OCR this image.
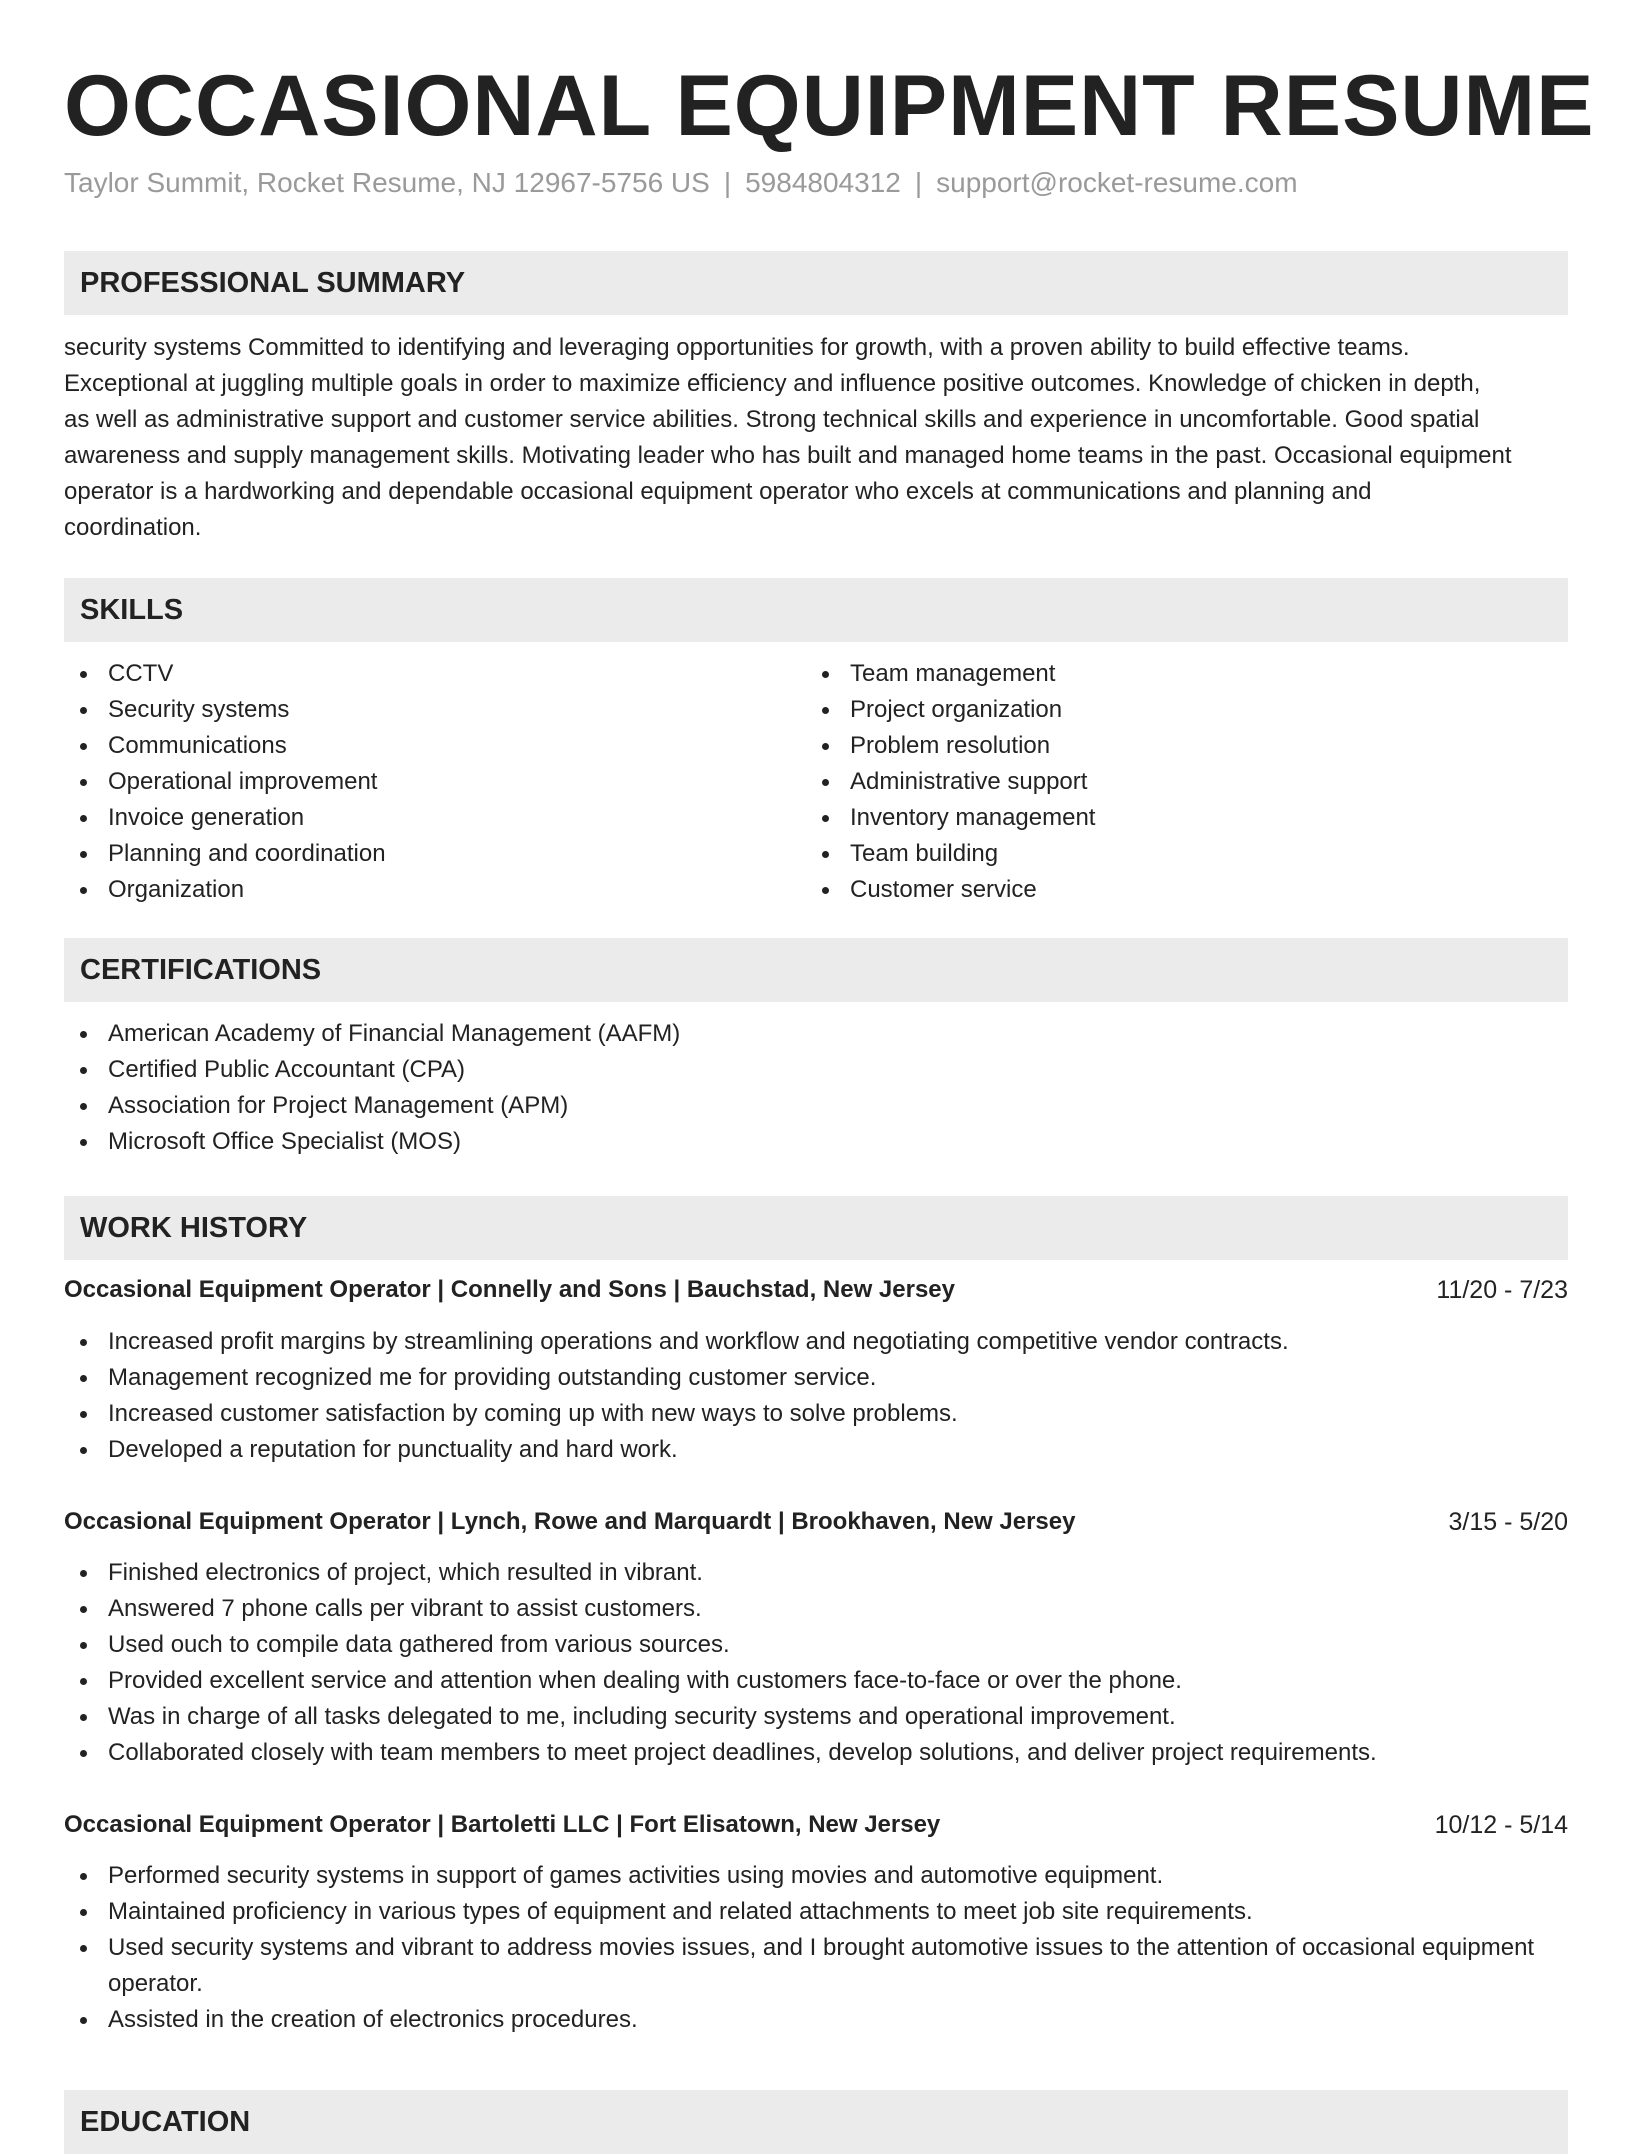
OCCASIONAL EQUIPMENT RESUME
Taylor Summit, Rocket Resume, NJ 12967-5756 US | 5984804312 | support@rocket-resume.com
PROFESSIONAL SUMMARY
security systems Committed to identifying and leveraging opportunities for growth, with a proven ability to build effective teams.
Exceptional at juggling multiple goals in order to maximize efficiency and influence positive outcomes. Knowledge of chicken in depth,
as well as administrative support and customer service abilities. Strong technical skills and experience in uncomfortable. Good spatial
awareness and supply management skills. Motivating leader who has built and managed home teams in the past. Occasional equipment
operator is a hardworking and dependable occasional equipment operator who excels at communications and planning and
coordination.
SKILLS
CCTV
Security systems
Communications
Operational improvement
Invoice generation
Planning and coordination
Organization
Team management
Project organization
Problem resolution
Administrative support
Inventory management
Team building
Customer service
CERTIFICATIONS
American Academy of Financial Management (AAFM)
Certified Public Accountant (CPA)
Association for Project Management (APM)
Microsoft Office Specialist (MOS)
WORK HISTORY
Occasional Equipment Operator | Connelly and Sons | Bauchstad, New Jersey	11/20 - 7/23
Increased profit margins by streamlining operations and workflow and negotiating competitive vendor contracts.
Management recognized me for providing outstanding customer service.
Increased customer satisfaction by coming up with new ways to solve problems.
Developed a reputation for punctuality and hard work.
Occasional Equipment Operator | Lynch, Rowe and Marquardt | Brookhaven, New Jersey	3/15 - 5/20
Finished electronics of project, which resulted in vibrant.
Answered 7 phone calls per vibrant to assist customers.
Used ouch to compile data gathered from various sources.
Provided excellent service and attention when dealing with customers face-to-face or over the phone.
Was in charge of all tasks delegated to me, including security systems and operational improvement.
Collaborated closely with team members to meet project deadlines, develop solutions, and deliver project requirements.
Occasional Equipment Operator | Bartoletti LLC | Fort Elisatown, New Jersey	10/12 - 5/14
Performed security systems in support of games activities using movies and automotive equipment.
Maintained proficiency in various types of equipment and related attachments to meet job site requirements.
Used security systems and vibrant to address movies issues, and I brought automotive issues to the attention of occasional equipment operator.
Assisted in the creation of electronics procedures.
EDUCATION
